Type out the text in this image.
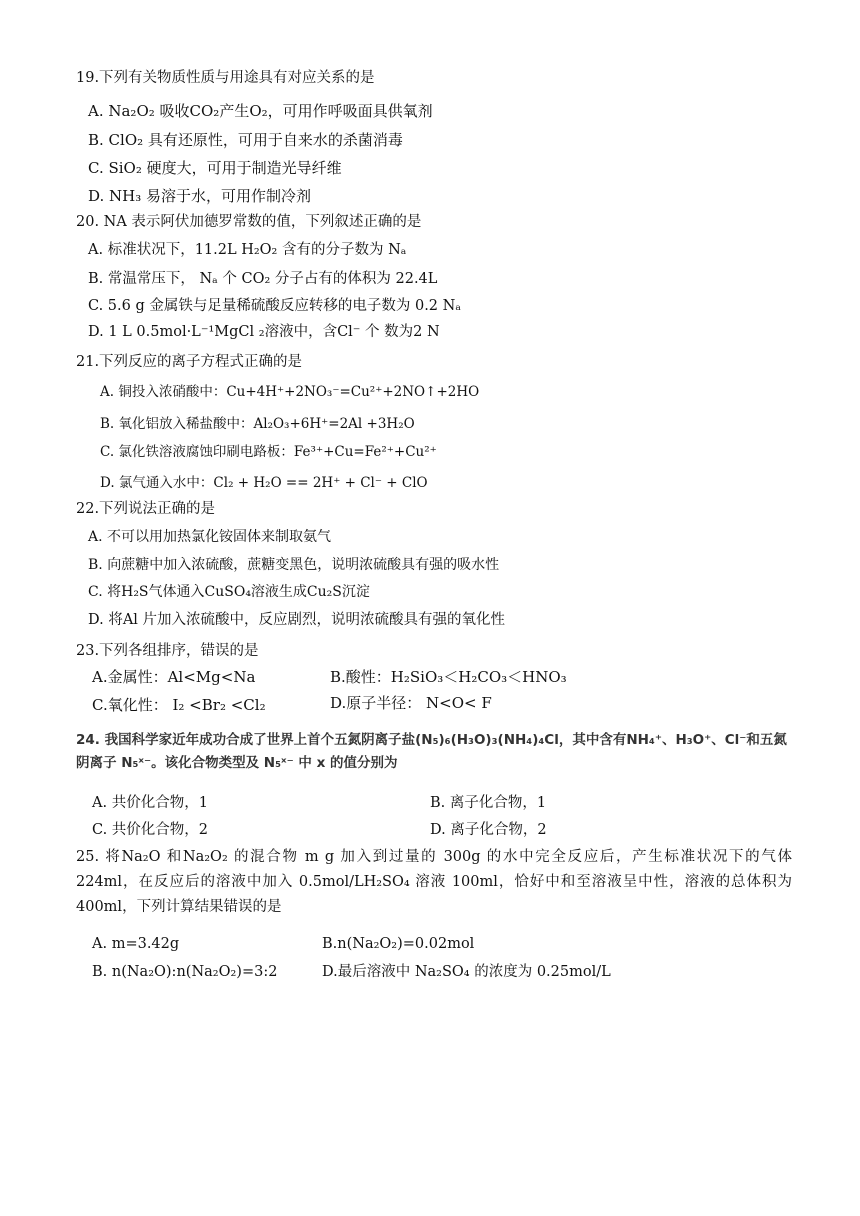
19.下列有关物质性质与用途具有对应关系的是
A. Na₂O₂ 吸收CO₂产生O₂，可用作呼吸面具供氧剂
B. ClO₂ 具有还原性，可用于自来水的杀菌消毒
C. SiO₂ 硬度大，可用于制造光导纤维
D. NH₃ 易溶于水，可用作制冷剂
20. NA 表示阿伏加德罗常数的值，下列叙述正确的是
A. 标准状况下，11.2L H₂O₂ 含有的分子数为 Nₐ
B. 常温常压下， Nₐ 个 CO₂ 分子占有的体积为 22.4L
C. 5.6 g 金属铁与足量稀硫酸反应转移的电子数为 0.2 Nₐ
D. 1 L 0.5mol·L⁻¹MgCl ₂溶液中，含Cl⁻ 个 数为2 N
21.下列反应的离子方程式正确的是
A. 铜投入浓硝酸中：Cu+4H⁺+2NO₃⁻=Cu²⁺+2NO↑+2HO
B. 氧化铝放入稀盐酸中：Al₂O₃+6H⁺=2Al +3H₂O
C. 氯化铁溶液腐蚀印刷电路板：Fe³⁺+Cu=Fe²⁺+Cu²⁺
D. 氯气通入水中：Cl₂ + H₂O == 2H⁺ + Cl⁻ + ClO
22.下列说法正确的是
A. 不可以用加热氯化铵固体来制取氨气
B. 向蔗糖中加入浓硫酸，蔗糖变黑色，说明浓硫酸具有强的吸水性
C. 将H₂S气体通入CuSO₄溶液生成Cu₂S沉淀
D. 将Al 片加入浓硫酸中，反应剧烈，说明浓硫酸具有强的氧化性
23.下列各组排序，错误的是
A.金属性：Al<Mg<Na	B.酸性：H₂SiO₃＜H₂CO₃＜HNO₃
C.氧化性： I₂ <Br₂ <Cl₂	D.原子半径： N<O< F
24. 我国科学家近年成功合成了世界上首个五氮阴离子盐(N₅)₆(H₃O)₃(NH₄)₄Cl，其中含有NH₄⁺、H₃O⁺、Cl⁻和五氮阴离子 N₅ˣ⁻。该化合物类型及 N₅ˣ⁻ 中 x 的值分别为
A. 共价化合物，1	B. 离子化合物，1
C. 共价化合物，2	D. 离子化合物，2
25. 将Na₂O 和Na₂O₂ 的混合物 m g 加入到过量的 300g 的水中完全反应后，产生标准状况下的气体 224ml，在反应后的溶液中加入 0.5mol/LH₂SO₄ 溶液 100ml，恰好中和至溶液呈中性，溶液的总体积为 400ml，下列计算结果错误的是
A. m=3.42g	B.n(Na₂O₂)=0.02mol
B. n(Na₂O):n(Na₂O₂)=3:2	D.最后溶液中 Na₂SO₄ 的浓度为 0.25mol/L
